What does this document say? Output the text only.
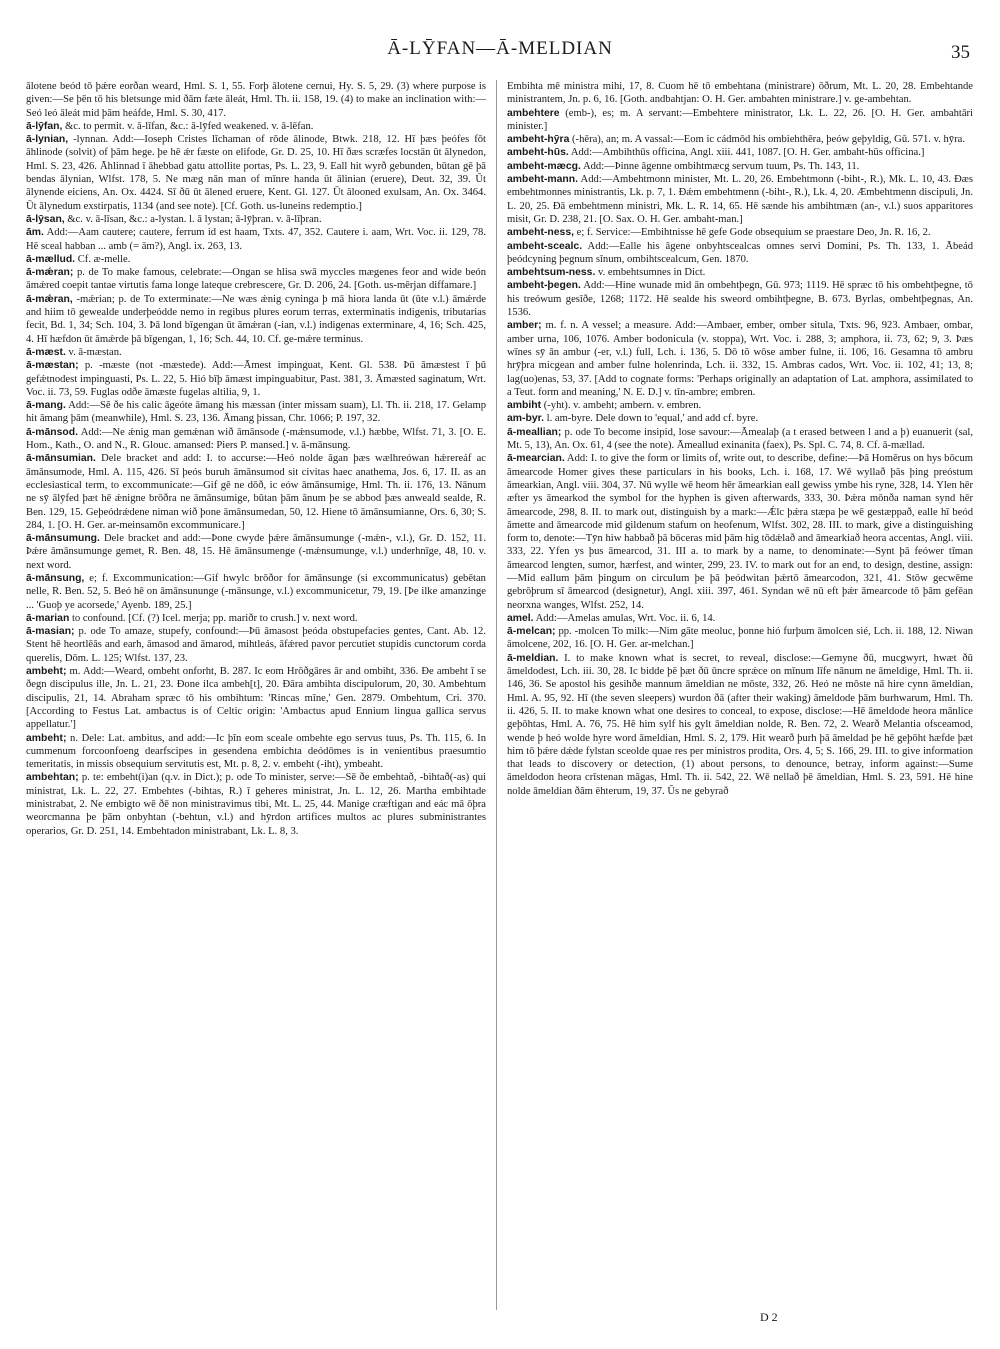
Ā-LȲFAN—Ā-MELDIAN	35

ālotene beód tō þǽre eorðan weard, Hml. S. 1, 55. Forþ ālotene cernui, Hy. S. 5, 29. (3) where purpose is given:—Se þēn tō his bletsunge mid ðām fæte āleát, Hml. Th. ii. 158, 19. (4) to make an inclination with:—Seó leó āleát mid þām heáfde, Hml. S. 30, 417.

ā-lȳfan, &c. to permit. v. ā-līfan, &c.: ā-lȳfed weakened. v. ā-lēfan.

ā-lynian, -lynnan. Add:—Ioseph Cristes līchaman of rōde ālinode, Btwk. 218, 12. Hī þæs þeófes fōt āhlinode (solvit) of þām hege. þe hē ǽr fæste on elifode, Gr. D. 25, 10. Hī ðæs scræfes locstān ūt ālynedon, Hml. S. 23, 426. Āhlinnad ī āhebbad gatu attollite portas, Ps. L. 23, 9. Eall hit wyrð gebunden, būtan gē þā bendas ālynian, Wlfst. 178, 5. Ne mæg nān man of mīnre handa ūt ālinian (eruere), Deut. 32, 39. Ūt ālynende eiciens, An. Ox. 4424. Sī ðū ūt ālened eruere, Kent. Gl. 127. Ūt ālooned exulsam, An. Ox. 3464. Ūt ālynedum exstirpatis, 1134 (and see note). [Cf. Goth. us-luneins redemptio.]

ā-lȳsan, &c. v. ā-līsan, &c.: a-lystan. l. ā lystan; ā-lȳþran. v. ā-līþran.

ām. Add:—Aam cautere; cautere, ferrum id est haam, Txts. 47, 352. Cautere i. aam, Wrt. Voc. ii. 129, 78. Hē sceal habban ... amb (= ām?), Angl. ix. 263, 13.

ā-mællud. Cf. æ-melle.

ā-mǽran; p. de To make famous, celebrate:—Ongan se hlisa swā myccles mægenes feor and wide beón āmǽred coepit tantae virtutis fama longe lateque crebrescere, Gr. D. 206, 24. [Goth. us-mērjan diffamare.]

ā-mǽran, -mǽrian; p. de To exterminate:—Ne wæs ǽnig cyninga þ mā hiora landa ūt (ūte v.l.) āmǽrde and hiim tō gewealde underþeódde nemo in regibus plures eorum terras, exterminatis indigenis, tributarias fecit, Bd. 1, 34; Sch. 104, 3. Þā lond bīgengan ūt āmǽran (-ian, v.l.) indigenas exterminare, 4, 16; Sch. 425, 4. Hī hæfdon ūt āmǽrde þā bīgengan, 1, 16; Sch. 44, 10. Cf. ge-mǽre terminus.

ā-mæst. v. ā-mæstan.

ā-mæstan; p. -mæste (not -mæstede). Add:—Āmest impinguat, Kent. Gl. 538. Þū āmæstest ī þū gefǽtnodest impinguasti, Ps. L. 22, 5. Hió bīþ āmæst impinguabitur, Past. 381, 3. Āmæsted saginatum, Wrt. Voc. ii. 73, 59. Fuglas odðe āmæste fugelas altilia, 9, 1.

ā-mang. Add:—Sē ðe his calic āgeóte āmang his mæssan (inter missam suam), Ll. Th. ii. 218, 17. Gelamp hit āmang þām (meanwhile), Hml. S. 23, 136. Āmang þissan, Chr. 1066; P. 197, 32.

ā-mānsod. Add:—Ne ǽnig man gemǽnan wið āmānsode (-mǽnsumode, v.l.) hæbbe, Wlfst. 71, 3. [O. E. Hom., Kath., O. and N., R. Glouc. amansed: Piers P. mansed.] v. ā-mānsung.

ā-mānsumian. Dele bracket and add: I. to accurse:—Heó nolde āgan þæs wælhreówan hǽrereáf ac āmānsumode, Hml. A. 115, 426. Sī þeós buruh āmānsumod sit civitas haec anathema, Jos. 6, 17. II. as an ecclesiastical term, to excommunicate:—Gif gē ne dōð, ic eów āmānsumige, Hml. Th. ii. 176, 13. Nānum ne sȳ ālȳfed þæt hē ǽnigne brōðra ne āmānsumige, būtan þām ānum þe se abbod þæs anweald sealde, R. Ben. 129, 15. Geþeódrǽdene niman wið þone āmānsumedan, 50, 12. Hiene tō āmānsumianne, Ors. 6, 30; S. 284, 1. [O. H. Ger. ar-meinsamōn excommunicare.]

ā-mānsumung. Dele bracket and add:—Þone cwyde þǽre āmānsumunge (-mǽn-, v.l.), Gr. D. 152, 11. Þǽre āmānsumunge gemet, R. Ben. 48, 15. Hē āmānsumenge (-mǽnsumunge, v.l.) underhnīge, 48, 10. v. next word.

ā-mānsung, e; f. Excommunication:—Gif hwylc brōðor for āmānsunge (si excommunicatus) gebētan nelle, R. Ben. 52, 5. Beó hē on āmānsununge (-mānsunge, v.l.) excommunicetur, 79, 19. [Þe ilke amanzinge ... 'Guoþ ye acorsede,' Ayenb. 189, 25.]

ā-marian to confound. [Cf. (?) Icel. merja; pp. mariðr to crush.] v. next word.

ā-masian; p. ode To amaze, stupefy, confound:—Þū āmasost þeóda obstupefacies gentes, Cant. Ab. 12. Stent hē heortlēās and earh, āmasod and āmarod, mihtleás, āfǽred pavor percutiet stupidis cunctorum corda querelis, Dōm. L. 125; Wlfst. 137, 23.

ambeht; m. Add:—Weard, ombeht onforht, B. 287. Ic eom Hrōðgāres ār and ombiht, 336. Ðe ambeht ī se ðegn discipulus ille, Jn. L. 21, 23. Ðone ilca ambeh[t], 20. Ðāra ambihta discipulorum, 20, 30. Ambehtum discipulis, 21, 14. Abraham spræc tō his ombihtum: 'Rincas mīne,' Gen. 2879. Ombehtum, Cri. 370. [According to Festus Lat. ambactus is of Celtic origin: 'Ambactus apud Ennium lingua gallica servus appellatur.']

ambeht; n. Dele: Lat. ambitus, and add:—Ic þīn eom sceale ombehte ego servus tuus, Ps. Th. 115, 6. In cummenum forcoonfoeng dearfscipes in gesendena embichta deódōmes is in venientibus praesumtio temeritatis, in missis obsequium servitutis est, Mt. p. 8, 2. v. embeht (-iht), ymbeaht.

ambehtan; p. te: embeht(i)an (q.v. in Dict.); p. ode To minister, serve:—Sē ðe embehtað, -bihtað(-as) qui ministrat, Lk. L. 22, 27. Embehtes (-bihtas, R.) ī geheres ministrat, Jn. L. 12, 26. Martha embihtade ministrabat, 2. Ne embigto wē ðē non ministravimus tibi, Mt. L. 25, 44. Manige cræftigan and eác mā ōþra weorcmanna þe þām onbyhtan (-behtun, v.l.) and hȳrdon artifices multos ac plures subministrantes operarios, Gr. D. 251, 14. Embehtadon ministrabant, Lk. L. 8, 3.

Embihta mē ministra mihi, 17, 8. Cuom hē tō embehtana (ministrare) ōðrum, Mt. L. 20, 28. Embehtande ministrantem, Jn. p. 6, 16. [Goth. andbahtjan: O. H. Ger. ambahten ministrare.] v. ge-ambehtan.

ambehtere (emb-), es; m. A servant:—Embehtere ministrator, Lk. L. 22, 26. [O. H. Ger. ambahtāri minister.]

ambeht-hȳra (-hēra), an; m. A vassal:—Eom ic cádmōd his ombiehthēra, þeów geþyldig, Gū. 571. v. hȳra.

ambeht-hūs. Add:—Ambihthūs officina, Angl. xiii. 441, 1087. [O. H. Ger. ambaht-hūs officina.]

ambeht-mæcg. Add:—Þinne āgenne ombihtmæcg servum tuum, Ps. Th. 143, 11.

ambeht-mann. Add:—Ambehtmonn minister, Mt. L. 20, 26. Embehtmonn (-biht-, R.), Mk. L. 10, 43. Ðæs embehtmonnes ministrantis, Lk. p. 7, 1. Ðǽm embehtmenn (-biht-, R.), Lk. 4, 20. Æmbehtmenn discipuli, Jn. L. 20, 25. Ðā embehtmenn ministri, Mk. L. R. 14, 65. Hē sænde his ambihtmæn (an-, v.l.) suos apparitores misit, Gr. D. 238, 21. [O. Sax. O. H. Ger. ambaht-man.]

ambeht-ness, e; f. Service:—Embihtnisse hē gefe Gode obsequium se praestare Deo, Jn. R. 16, 2.

ambeht-scealc. Add:—Ealle his āgene onbyhtscealcas omnes servi Domini, Ps. Th. 133, 1. Ābeád þeódcyning þegnum sīnum, ombihtscealcum, Gen. 1870.

ambehtsum-ness. v. embehtsumnes in Dict.

ambeht-þegen. Add:—Hine wunade mid ān ombehtþegn, Gū. 973; 1119. Hē spræc tō his ombehtþegne, tō his treówum gesīðe, 1268; 1172. Hē sealde his sweord ombihtþegne, B. 673. Byrlas, ombehtþegnas, An. 1536.

amber; m. f. n. A vessel; a measure. Add:—Ambaer, ember, omber situla, Txts. 96, 923. Ambaer, ombar, amber urna, 106, 1076. Amber bodonicula (v. stoppa), Wrt. Voc. i. 288, 3; amphora, ii. 73, 62; 9, 3. Þæs wīnes sȳ ān ambur (-er, v.l.) full, Lch. i. 136, 5. Dō tō wōse amber fulne, ii. 106, 16. Gesamna tō ambru hrȳþra micgean and amber fulne holenrinda, Lch. ii. 332, 15. Ambras cados, Wrt. Voc. ii. 102, 41; 13, 8; lag(uo)enas, 53, 37. [Add to cognate forms: 'Perhaps originally an adaptation of Lat. amphora, assimilated to a Teut. form and meaning,' N. E. D.] v. tīn-ambre; embren.

ambiht (-yht). v. ambeht; ambern. v. embren.

am-byr. l. am-byre. Dele down to 'equal,' and add cf. byre.

ā-meallian; p. ode To become insipid, lose savour:—Āmealaþ (a t erased between l and a þ) euanuerit (sal, Mt. 5, 13), An. Ox. 61, 4 (see the note). Āmeallud exinanita (faex), Ps. Spl. C. 74, 8. Cf. ā-mællad.

ā-mearcian. Add: I. to give the form or limits of, write out, to describe, define:—Þā Homērus on hys bōcum āmearcode Homer gives these particulars in his books, Lch. i. 168, 17. Wē wyllað þās þing preóstum āmearkian, Angl. viii. 304, 37. Nū wylle wē heom hēr āmearkian eall gewiss ymbe his ryne, 328, 14. Ylen hēr æfter ys āmearkod the symbol for the hyphen is given afterwards, 333, 30. Þǽra mōnða naman synd hēr āmearcode, 298, 8. II. to mark out, distinguish by a mark:—Ǽlc þǽra stæpa þe wē gestæppað, ealle hī beód āmette and āmearcode mid gildenum stafum on heofenum, Wlfst. 302, 28. III. to mark, give a distinguishing form to, denote:—Tȳn hiw habbað þā bōceras mid þām hig tōdǽlað and āmearkiað heora accentas, Angl. viii. 333, 22. Yfen ys þus āmearcod, 31. III a. to mark by a name, to denominate:—Synt þā feówer tīman āmearcod lengten, sumor, hærfest, and winter, 299, 23. IV. to mark out for an end, to design, destine, assign:—Mid eallum þām þingum on circulum þe þā þeódwitan þǽrtō āmearcodon, 321, 41. Stōw gecwēme gebrōþrum sī āmearcod (designetur), Angl. xiii. 397, 461. Syndan wē nū eft þǽr āmearcode tō þām gefēan neorxna wanges, Wlfst. 252, 14.

amel. Add:—Amelas amulas, Wrt. Voc. ii. 6, 14.

ā-melcan; pp. -molcen To milk:—Nim gāte meoluc, þonne hió furþum āmolcen sié, Lch. ii. 188, 12. Niwan āmolcene, 202, 16. [O. H. Ger. ar-melchan.]

ā-meldian. I. to make known what is secret, to reveal, disclose:—Gemyne ðū, mucgwyrt, hwæt ðū āmeldodest, Lch. iii. 30, 28. Ic bidde þē þæt ðū ūncre sprǽce on mīnum līfe nānum ne āmeldige, Hml. Th. ii. 146, 36. Se apostol his gesihðe mannum āmeldian ne mōste, 332, 26. Heó ne mōste nā hire cynn āmeldian, Hml. A. 95, 92. Hī (the seven sleepers) wurdon ðā (after their waking) āmeldode þām burhwarum, Hml. Th. ii. 426, 5. II. to make known what one desires to conceal, to expose, disclose:—Hē āmeldode heora mānlice geþōhtas, Hml. A. 76, 75. Hē him sylf his gylt āmeldian nolde, R. Ben. 72, 2. Wearð Melantia ofsceamod, wende þ heó wolde hyre word āmeldian, Hml. S. 2, 179. Hit wearð þurh þā āmeldad þe hē geþōht hæfde þæt him tō þǽre dǽde fylstan sceolde quae res per ministros prodita, Ors. 4, 5; S. 166, 29. III. to give information that leads to discovery or detection, (1) about persons, to denounce, betray, inform against:—Sume āmeldodon heora crīstenan māgas, Hml. Th. ii. 542, 22. Wē nellað þē āmeldian, Hml. S. 23, 591. Hē hine nolde āmeldian ðām ēhterum, 19, 37. Ūs ne gebyrað

D 2
